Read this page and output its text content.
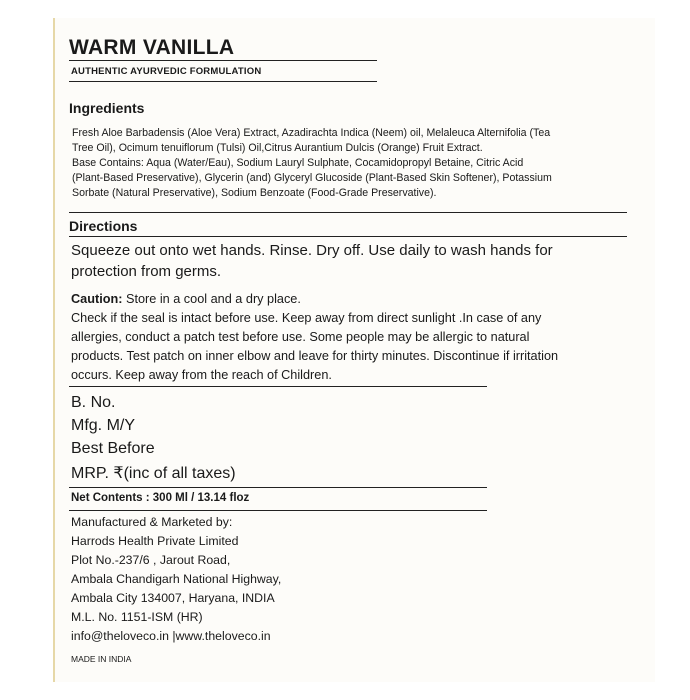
WARM VANILLA
AUTHENTIC AYURVEDIC FORMULATION
Ingredients

Fresh Aloe Barbadensis (Aloe Vera) Extract, Azadirachta Indica (Neem) oil, Melaleuca Alternifolia (Tea

Tree Oil), Ocimum tenuiflorum (Tulsi) Oil,Citrus Aurantium Dulcis (Orange) Fruit Extract.

Base Contains: Aqua (Water/Eau), Sodium Lauryl Sulphate, Cocamidopropyl Betaine, Citric Acid

(Plant-Based Preservative), Glycerin (and) Glyceryl Glucoside (Plant-Based Skin Softener), Potassium

Sorbate (Natural Preservative), Sodium Benzoate (Food-Grade Preservative).

Directions

Squeeze out onto wet hands. Rinse. Dry off. Use daily to wash hands for

protection from germs.

Caution: Store in a cool and a dry place.

Check if the seal is intact before use. Keep away from direct sunlight .In case of any

allergies, conduct a patch test before use. Some people may be allergic to natural

products. Test patch on inner elbow and leave for thirty minutes. Discontinue if irritation

occurs. Keep away from the reach of Children.

B. No.
Mfg. M/Y
Best Before
MRP. ₹(inc of all taxes)
Net Contents : 300 Ml / 13.14 floz

Manufactured & Marketed by:

Harrods Health Private Limited

Plot No.-237/6 , Jarout Road,

Ambala Chandigarh National Highway,

Ambala City 134007, Haryana, INDIA

M.L. No. 1151-ISM (HR)

info@theloveco.in |www.theloveco.in

MADE IN INDIA
